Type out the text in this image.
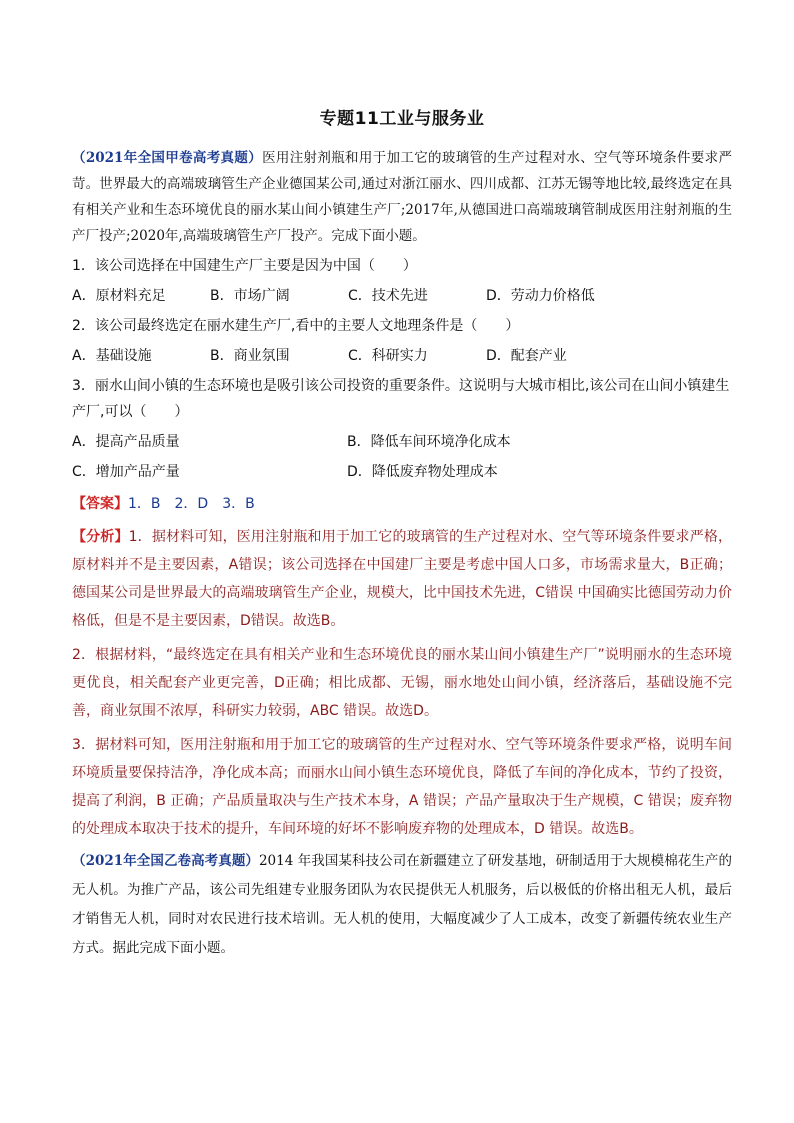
专题11工业与服务业

（2021年全国甲卷高考真题）医用注射剂瓶和用于加工它的玻璃管的生产过程对水、空气等环境条件要求严苛。世界最大的高端玻璃管生产企业德国某公司,通过对浙江丽水、四川成都、江苏无锡等地比较,最终选定在具有相关产业和生态环境优良的丽水某山间小镇建生产厂;2017年,从德国进口高端玻璃管制成医用注射剂瓶的生产厂投产;2020年,高端玻璃管生产厂投产。完成下面小题。

1．该公司选择在中国建生产厂主要是因为中国（　　）

A．原材料充足	B．市场广阔	C．技术先进	D．劳动力价格低

2．该公司最终选定在丽水建生产厂,看中的主要人文地理条件是（　　）

A．基础设施	B．商业氛围	C．科研实力	D．配套产业

3．丽水山间小镇的生态环境也是吸引该公司投资的重要条件。这说明与大城市相比,该公司在山间小镇建生产厂,可以（　　）

A．提高产品质量	B．降低车间环境净化成本
C．增加产品产量	D．降低废弃物处理成本

【答案】1．B　2．D　3．B

【分析】1．据材料可知，医用注射瓶和用于加工它的玻璃管的生产过程对水、空气等环境条件要求严格，原材料并不是主要因素，A错误；该公司选择在中国建厂主要是考虑中国人口多，市场需求量大，B正确；德国某公司是世界最大的高端玻璃管生产企业，规模大，比中国技术先进，C错误 中国确实比德国劳动力价格低，但是不是主要因素，D错误。故选B。

2．根据材料，“最终选定在具有相关产业和生态环境优良的丽水某山间小镇建生产厂”说明丽水的生态环境更优良，相关配套产业更完善，D正确；相比成都、无锡，丽水地处山间小镇，经济落后，基础设施不完善，商业氛围不浓厚，科研实力较弱，ABC 错误。故选D。

3．据材料可知，医用注射瓶和用于加工它的玻璃管的生产过程对水、空气等环境条件要求严格，说明车间环境质量要保持洁净，净化成本高；而丽水山间小镇生态环境优良，降低了车间的净化成本，节约了投资，提高了利润，B 正确；产品质量取决与生产技术本身，A 错误；产品产量取决于生产规模，C 错误；废弃物的处理成本取决于技术的提升，车间环境的好坏不影响废弃物的处理成本，D 错误。故选B。

（2021年全国乙卷高考真题）2014 年我国某科技公司在新疆建立了研发基地，研制适用于大规模棉花生产的无人机。为推广产品，该公司先组建专业服务团队为农民提供无人机服务，后以极低的价格出租无人机，最后才销售无人机，同时对农民进行技术培训。无人机的使用，大幅度减少了人工成本，改变了新疆传统农业生产方式。据此完成下面小题。
